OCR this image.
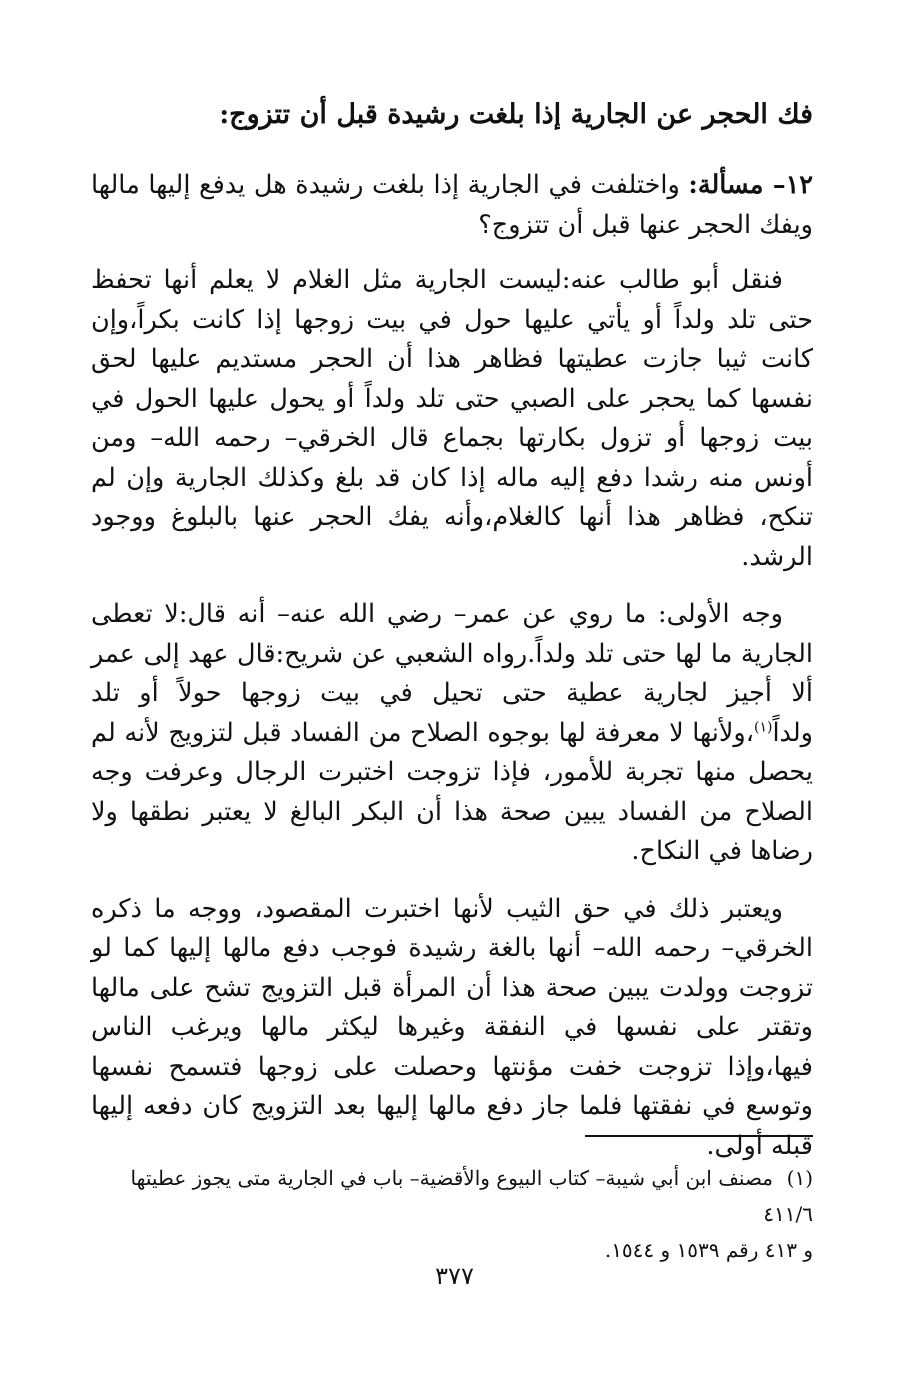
فك الحجر عن الجارية إذا بلغت رشيدة قبل أن تتزوج:

١٢– مسألة: واختلفت في الجارية إذا بلغت رشيدة هل يدفع إليها مالها ويفك الحجر عنها قبل أن تتزوج؟

فنقل أبو طالب عنه:ليست الجارية مثل الغلام لا يعلم أنها تحفظ حتى تلد ولداً أو يأتي عليها حول في بيت زوجها إذا كانت بكراً،وإن كانت ثيبا جازت عطيتها فظاهر هذا أن الحجر مستديم عليها لحق نفسها كما يحجر على الصبي حتى تلد ولداً أو يحول عليها الحول في بيت زوجها أو تزول بكارتها بجماع قال الخرقي– رحمه الله– ومن أونس منه رشدا دفع إليه ماله إذا كان قد بلغ وكذلك الجارية وإن لم تنكح، فظاهر هذا أنها كالغلام،وأنه يفك الحجر عنها بالبلوغ ووجود الرشد.

وجه الأولى: ما روي عن عمر– رضي الله عنه– أنه قال:لا تعطى الجارية ما لها حتى تلد ولداً.رواه الشعبي عن شريح:قال عهد إلى عمر ألا أجيز لجارية عطية حتى تحيل في بيت زوجها حولاً أو تلد ولداً$^{(١)}$،ولأنها لا معرفة لها بوجوه الصلاح من الفساد قبل لتزويج لأنه لم يحصل منها تجربة للأمور، فإذا تزوجت اختبرت الرجال وعرفت وجه الصلاح من الفساد يبين صحة هذا أن البكر البالغ لا يعتبر نطقها ولا رضاها في النكاح.

ويعتبر ذلك في حق الثيب لأنها اختبرت المقصود، ووجه ما ذكره الخرقي– رحمه الله– أنها بالغة رشيدة فوجب دفع مالها إليها كما لو تزوجت وولدت يبين صحة هذا أن المرأة قبل التزويج تشح على مالها وتقتر على نفسها في النفقة وغيرها ليكثر مالها ويرغب الناس فيها،وإذا تزوجت خفت مؤنتها وحصلت على زوجها فتسمح نفسها وتوسع في نفقتها فلما جاز دفع مالها إليها بعد التزويج كان دفعه إليها قبله أولى.

(١)مصنف ابن أبي شيبة– كتاب البيوع والأقضية– باب في الجارية متى يجوز عطيتها ٤١١/٦
و ٤١٣ رقم ١٥٣٩ و ١٥٤٤.
٣٧٧
